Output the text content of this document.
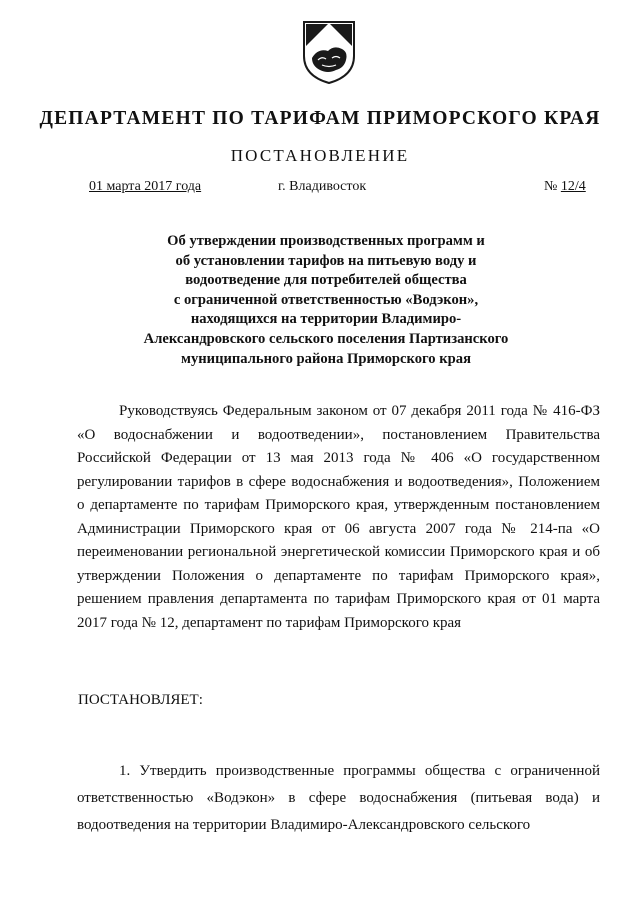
ДЕПАРТАМЕНТ ПО ТАРИФАМ ПРИМОРСКОГО КРАЯ
ПОСТАНОВЛЕНИЕ
01 марта 2017 года	г. Владивосток	№ 12/4
Об утверждении производственных программ и
об установлении тарифов на питьевую воду и
водоотведение для потребителей общества
с ограниченной ответственностью «Водэкон»,
находящихся на территории Владимиро-
Александровского сельского поселения Партизанского
муниципального района Приморского края
Руководствуясь Федеральным законом от 07 декабря 2011 года № 416-ФЗ «О водоснабжении и водоотведении», постановлением Правительства Российской Федерации от 13 мая 2013 года № 406 «О государственном регулировании тарифов в сфере водоснабжения и водоотведения», Положением о департаменте по тарифам Приморского края, утвержденным постановлением Администрации Приморского края от 06 августа 2007 года № 214-па «О переименовании региональной энергетической комиссии Приморского края и об утверждении Положения о департаменте по тарифам Приморского края», решением правления департамента по тарифам Приморского края от 01 марта 2017 года № 12, департамент по тарифам Приморского края
ПОСТАНОВЛЯЕТ:
1. Утвердить производственные программы общества с ограниченной ответственностью «Водэкон» в сфере водоснабжения (питьевая вода) и водоотведения на территории Владимиро-Александровского сельского
